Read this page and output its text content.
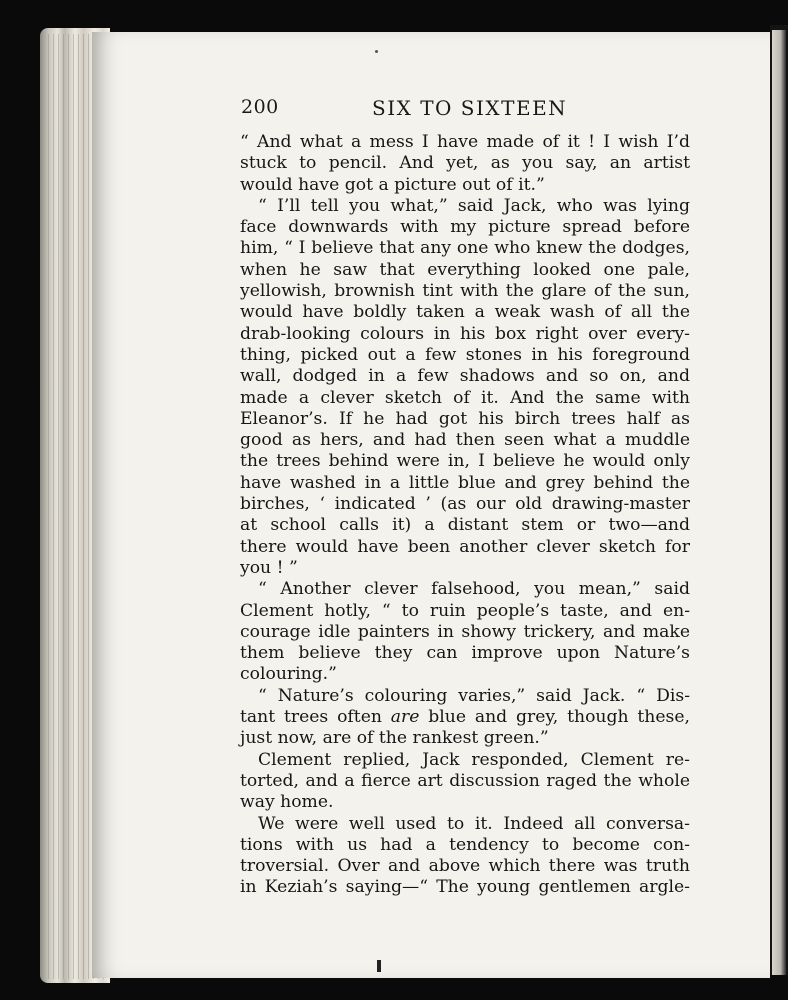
200	SIX TO SIXTEEN
“ And what a mess I have made of it ! I wish I’d
stuck to pencil. And yet, as you say, an artist
would have got a picture out of it.”
“ I’ll tell you what,” said Jack, who was lying
face downwards with my picture spread before
him, “ I believe that any one who knew the dodges,
when he saw that everything looked one pale,
yellowish, brownish tint with the glare of the sun,
would have boldly taken a weak wash of all the
drab-looking colours in his box right over every-
thing, picked out a few stones in his foreground
wall, dodged in a few shadows and so on, and
made a clever sketch of it. And the same with
Eleanor’s. If he had got his birch trees half as
good as hers, and had then seen what a muddle
the trees behind were in, I believe he would only
have washed in a little blue and grey behind the
birches, ‘ indicated ’ (as our old drawing-master
at school calls it) a distant stem or two—and
there would have been another clever sketch for
you ! ”
“ Another clever falsehood, you mean,” said
Clement hotly, “ to ruin people’s taste, and en-
courage idle painters in showy trickery, and make
them believe they can improve upon Nature’s
colouring.”
“ Nature’s colouring varies,” said Jack. “ Dis-
tant trees often are blue and grey, though these,
just now, are of the rankest green.”
Clement replied, Jack responded, Clement re-
torted, and a fierce art discussion raged the whole
way home.
We were well used to it. Indeed all conversa-
tions with us had a tendency to become con-
troversial. Over and above which there was truth
in Keziah’s saying—“ The young gentlemen argle-
